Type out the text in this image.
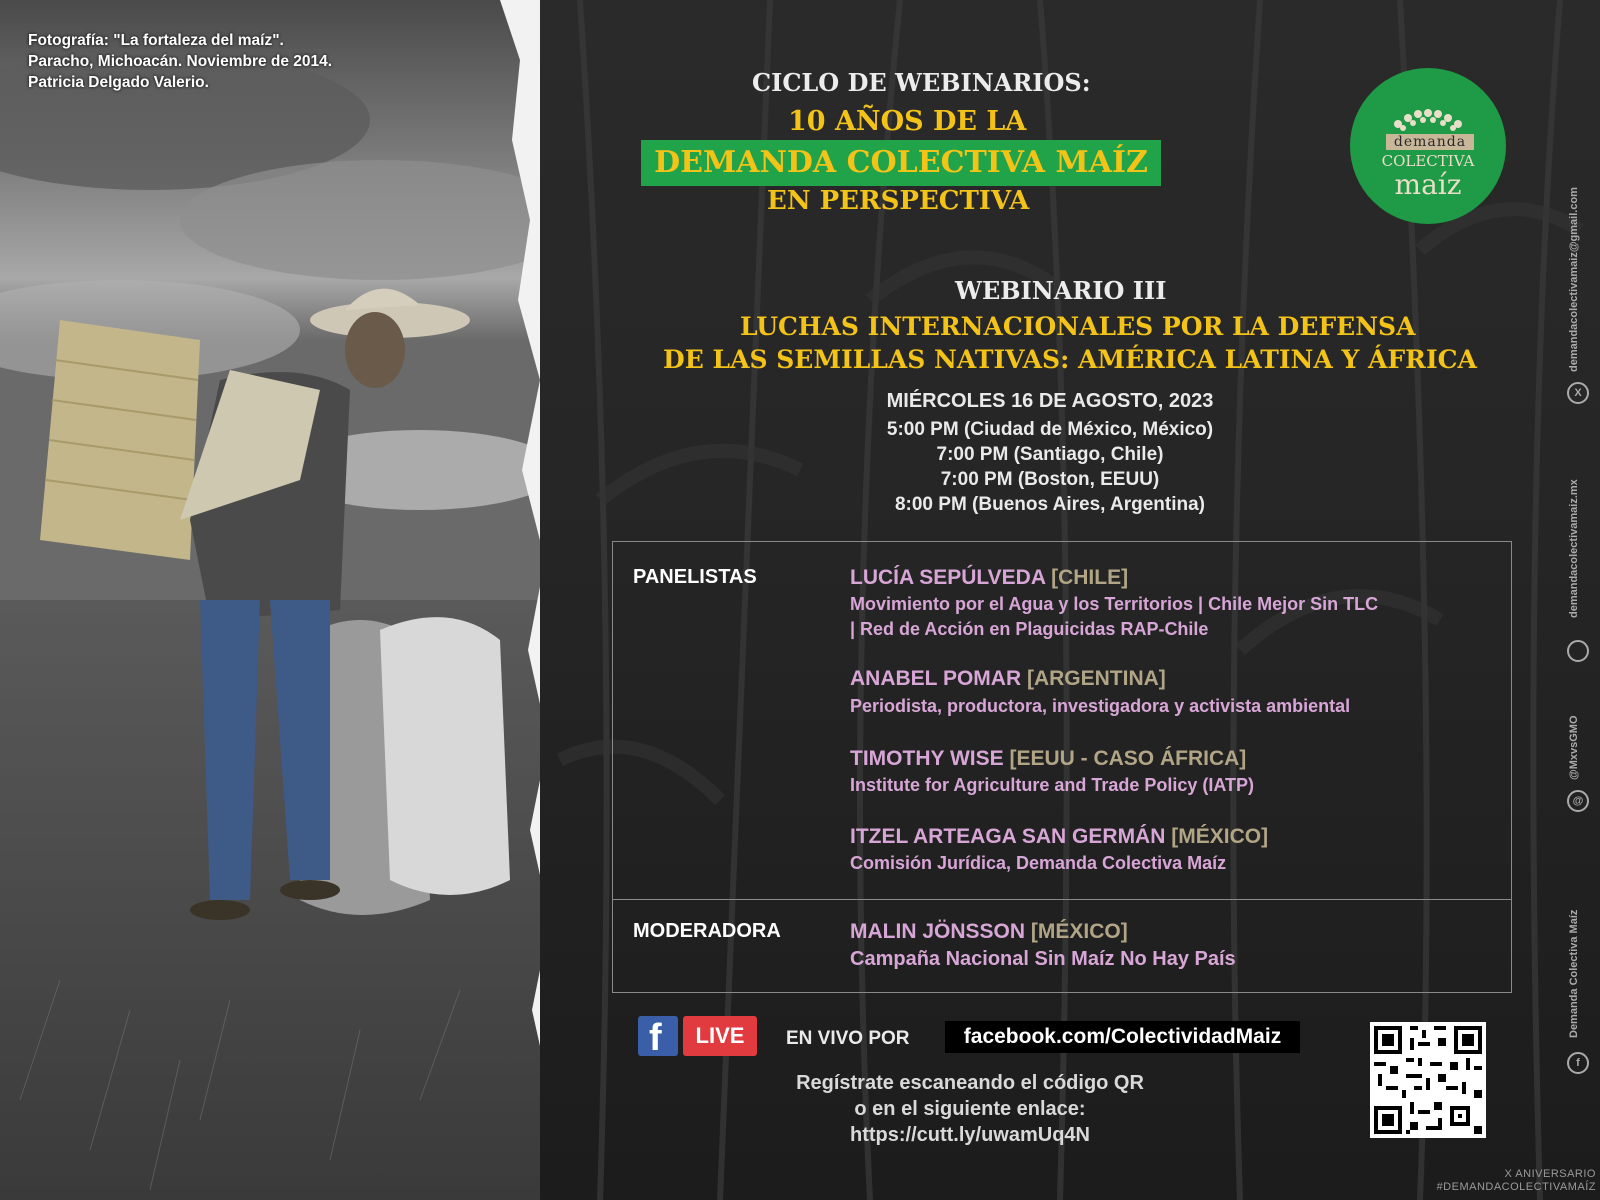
Fotografía: "La fortaleza del maíz".
Paracho, Michoacán. Noviembre de 2014.
Patricia Delgado Valerio.	CICLO DE WEBINARIOS:
10 AÑOS DE LA
DEMANDA COLECTIVA MAÍZ
EN PERSPECTIVA
demanda
COLECTIVA
maíz
WEBINARIO III
LUCHAS INTERNACIONALES POR LA DEFENSA
DE LAS SEMILLAS NATIVAS: AMÉRICA LATINA Y ÁFRICA
MIÉRCOLES 16 DE AGOSTO, 2023
5:00 PM (Ciudad de México, México)
7:00 PM (Santiago, Chile)
7:00 PM (Boston, EEUU)
8:00 PM (Buenos Aires, Argentina)
PANELISTAS	LUCÍA SEPÚLVEDA [CHILE]
Movimiento por el Agua y los Territorios | Chile Mejor Sin TLC
| Red de Acción en Plaguicidas RAP-Chile
ANABEL POMAR [ARGENTINA]
Periodista, productora, investigadora y activista ambiental
TIMOTHY WISE [EEUU - CASO ÁFRICA]
Institute for Agriculture and Trade Policy (IATP)
ITZEL ARTEAGA SAN GERMÁN [MÉXICO]
Comisión Jurídica, Demanda Colectiva Maíz
MODERADORA	MALIN JÖNSSON [MÉXICO]
Campaña Nacional Sin Maíz No Hay País
f	LIVE	EN VIVO POR	facebook.com/ColectividadMaiz
Regístrate escaneando el código QR
o en el siguiente enlace:
https://cutt.ly/uwamUq4N
demandacolectivamaiz@gmail.com
X
demandacolectivamaiz.mx
@MxvsGMO
@
Demanda Colectiva Maíz
f
X ANIVERSARIO
#DEMANDACOLECTIVAMAÍZ
